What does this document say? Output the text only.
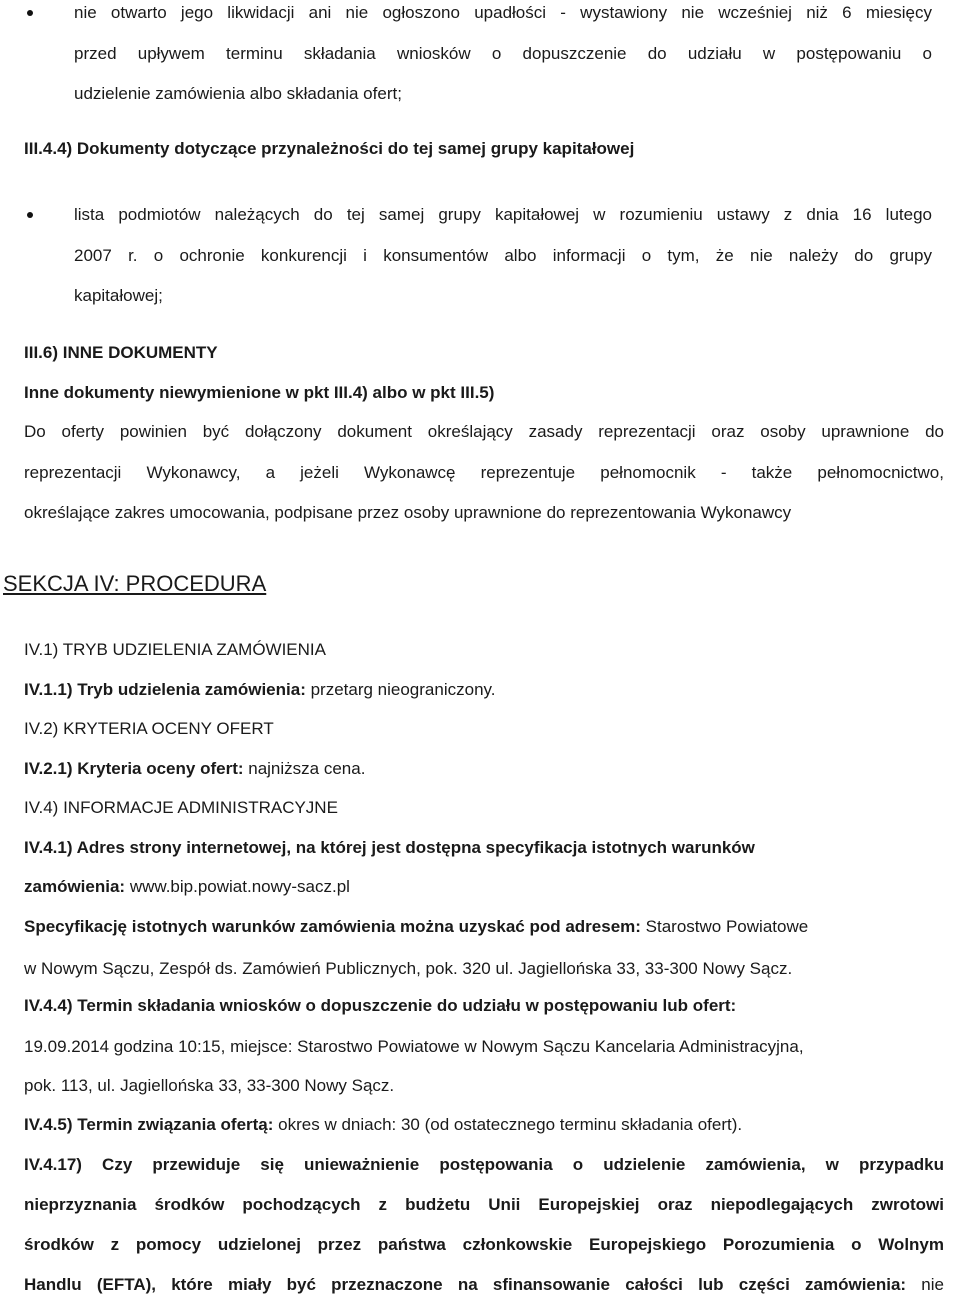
nie otwarto jego likwidacji ani nie ogłoszono upadłości - wystawiony nie wcześniej niż 6 miesięcy
przed upływem terminu składania wniosków o dopuszczenie do udziału w postępowaniu o
udzielenie zamówienia albo składania ofert;
III.4.4) Dokumenty dotyczące przynależności do tej samej grupy kapitałowej
lista podmiotów należących do tej samej grupy kapitałowej w rozumieniu ustawy z dnia 16 lutego
2007 r. o ochronie konkurencji i konsumentów albo informacji o tym, że nie należy do grupy
kapitałowej;
III.6) INNE DOKUMENTY
Inne dokumenty niewymienione w pkt III.4) albo w pkt III.5)
Do oferty powinien być dołączony dokument określający zasady reprezentacji oraz osoby uprawnione do
reprezentacji Wykonawcy, a jeżeli Wykonawcę reprezentuje pełnomocnik - także pełnomocnictwo,
określające zakres umocowania, podpisane przez osoby uprawnione do reprezentowania Wykonawcy
SEKCJA IV: PROCEDURA
IV.1) TRYB UDZIELENIA ZAMÓWIENIA
IV.1.1) Tryb udzielenia zamówienia: przetarg nieograniczony.
IV.2) KRYTERIA OCENY OFERT
IV.2.1) Kryteria oceny ofert: najniższa cena.
IV.4) INFORMACJE ADMINISTRACYJNE
IV.4.1) Adres strony internetowej, na której jest dostępna specyfikacja istotnych warunków
zamówienia: www.bip.powiat.nowy-sacz.pl
Specyfikację istotnych warunków zamówienia można uzyskać pod adresem: Starostwo Powiatowe
w Nowym Sączu, Zespół ds. Zamówień Publicznych, pok. 320 ul. Jagiellońska 33, 33-300 Nowy Sącz.
IV.4.4) Termin składania wniosków o dopuszczenie do udziału w postępowaniu lub ofert:
19.09.2014 godzina 10:15, miejsce: Starostwo Powiatowe w Nowym Sączu Kancelaria Administracyjna,
pok. 113, ul. Jagiellońska 33, 33-300 Nowy Sącz.
IV.4.5) Termin związania ofertą: okres w dniach: 30 (od ostatecznego terminu składania ofert).
IV.4.17) Czy przewiduje się unieważnienie postępowania o udzielenie zamówienia, w przypadku
nieprzyznania środków pochodzących z budżetu Unii Europejskiej oraz niepodlegających zwrotowi
środków z pomocy udzielonej przez państwa członkowskie Europejskiego Porozumienia o Wolnym
Handlu (EFTA), które miały być przeznaczone na sfinansowanie całości lub części zamówienia: nie
